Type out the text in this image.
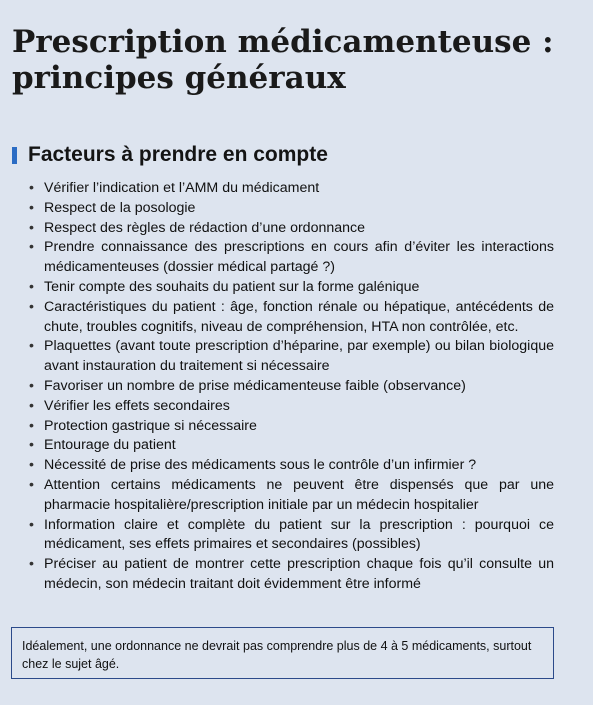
Prescription médicamenteuse :
principes généraux
Facteurs à prendre en compte
• Vérifier l’indication et l’AMM du médicament
• Respect de la posologie
• Respect des règles de rédaction d’une ordonnance
• Prendre connaissance des prescriptions en cours afin d’éviter les interactions médicamenteuses (dossier médical partagé ?)
• Tenir compte des souhaits du patient sur la forme galénique
• Caractéristiques du patient : âge, fonction rénale ou hépatique, antécédents de chute, troubles cognitifs, niveau de compréhension, HTA non contrôlée, etc.
• Plaquettes (avant toute prescription d’héparine, par exemple) ou bilan biologique avant instauration du traitement si nécessaire
• Favoriser un nombre de prise médicamenteuse faible (observance)
• Vérifier les effets secondaires
• Protection gastrique si nécessaire
• Entourage du patient
• Nécessité de prise des médicaments sous le contrôle d’un infirmier ?
• Attention certains médicaments ne peuvent être dispensés que par une pharmacie hospitalière/prescription initiale par un médecin hospitalier
• Information claire et complète du patient sur la prescription : pourquoi ce médicament, ses effets primaires et secondaires (possibles)
• Préciser au patient de montrer cette prescription chaque fois qu’il consulte un médecin, son médecin traitant doit évidemment être informé
Idéalement, une ordonnance ne devrait pas comprendre plus de 4 à 5 médicaments, surtout chez le sujet âgé.
